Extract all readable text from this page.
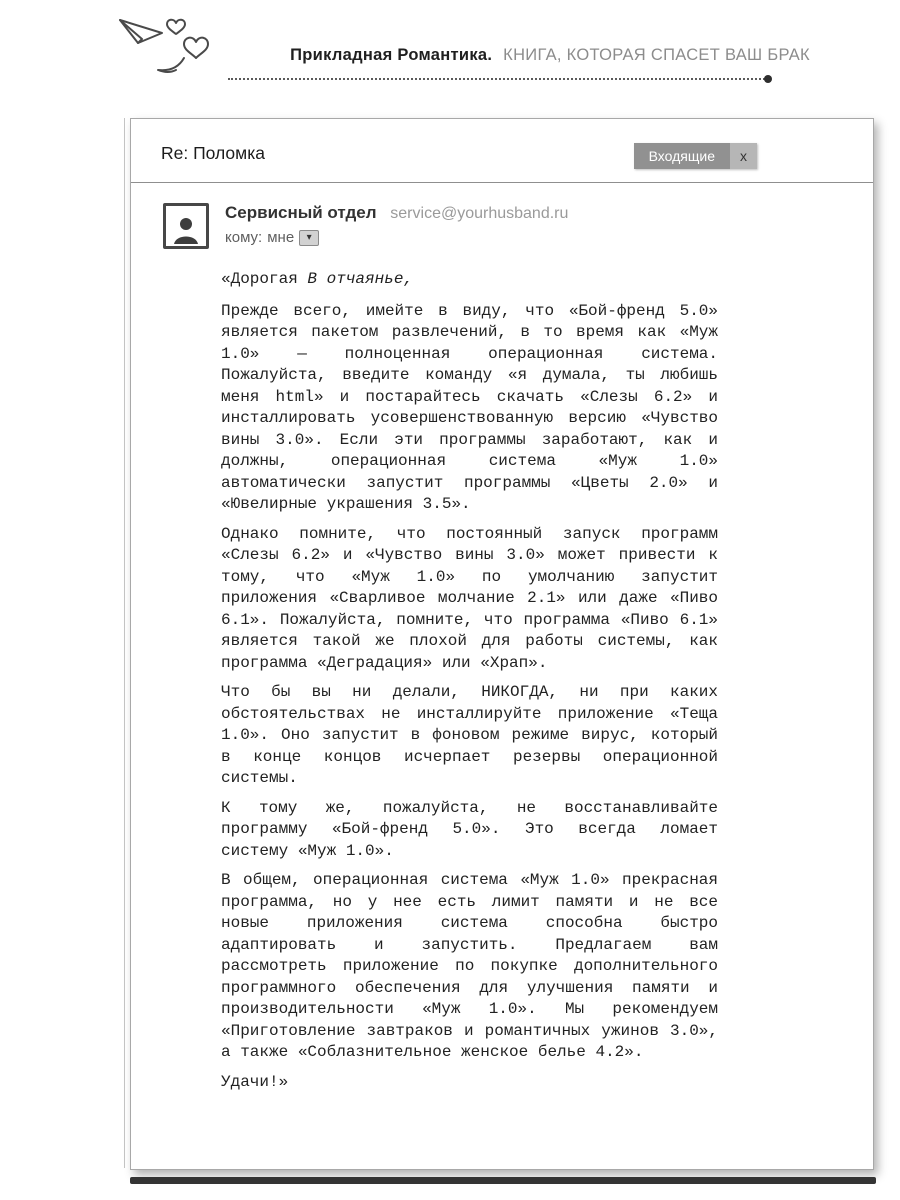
Прикладная Романтика. КНИГА, КОТОРАЯ СПАСЕТ ВАШ БРАК
Re: Поломка	Входящие	x
Сервисный отдел service@yourhusband.ru
кому: мне ▾

«Дорогая В отчаянье,

Прежде всего, имейте в виду, что «Бой-френд 5.0» является пакетом развлечений, в то время как «Муж 1.0» — полноценная операционная система. Пожалуйста, введите команду «я думала, ты любишь меня html» и постарайтесь скачать «Слезы 6.2» и инсталлировать усовершенствованную версию «Чувство вины 3.0». Если эти программы заработают, как и должны, операционная система «Муж 1.0» автоматически запустит программы «Цветы 2.0» и «Ювелирные украшения 3.5».

Однако помните, что постоянный запуск программ «Слезы 6.2» и «Чувство вины 3.0» может привести к тому, что «Муж 1.0» по умолчанию запустит приложения «Сварливое молчание 2.1» или даже «Пиво 6.1». Пожалуйста, помните, что программа «Пиво 6.1» является такой же плохой для работы системы, как программа «Деградация» или «Храп».

Что бы вы ни делали, НИКОГДА, ни при каких обстоятельствах не инсталлируйте приложение «Теща 1.0». Оно запустит в фоновом режиме вирус, который в конце концов исчерпает резервы операционной системы.

К тому же, пожалуйста, не восстанавливайте программу «Бой-френд 5.0». Это всегда ломает систему «Муж 1.0».

В общем, операционная система «Муж 1.0» прекрасная программа, но у нее есть лимит памяти и не все новые приложения система способна быстро адаптировать и запустить. Предлагаем вам рассмотреть приложение по покупке дополнительного программного обеспечения для улучшения памяти и производительности «Муж 1.0». Мы рекомендуем «Приготовление завтраков и романтичных ужинов 3.0», а также «Соблазнительное женское белье 4.2».

Удачи!»
